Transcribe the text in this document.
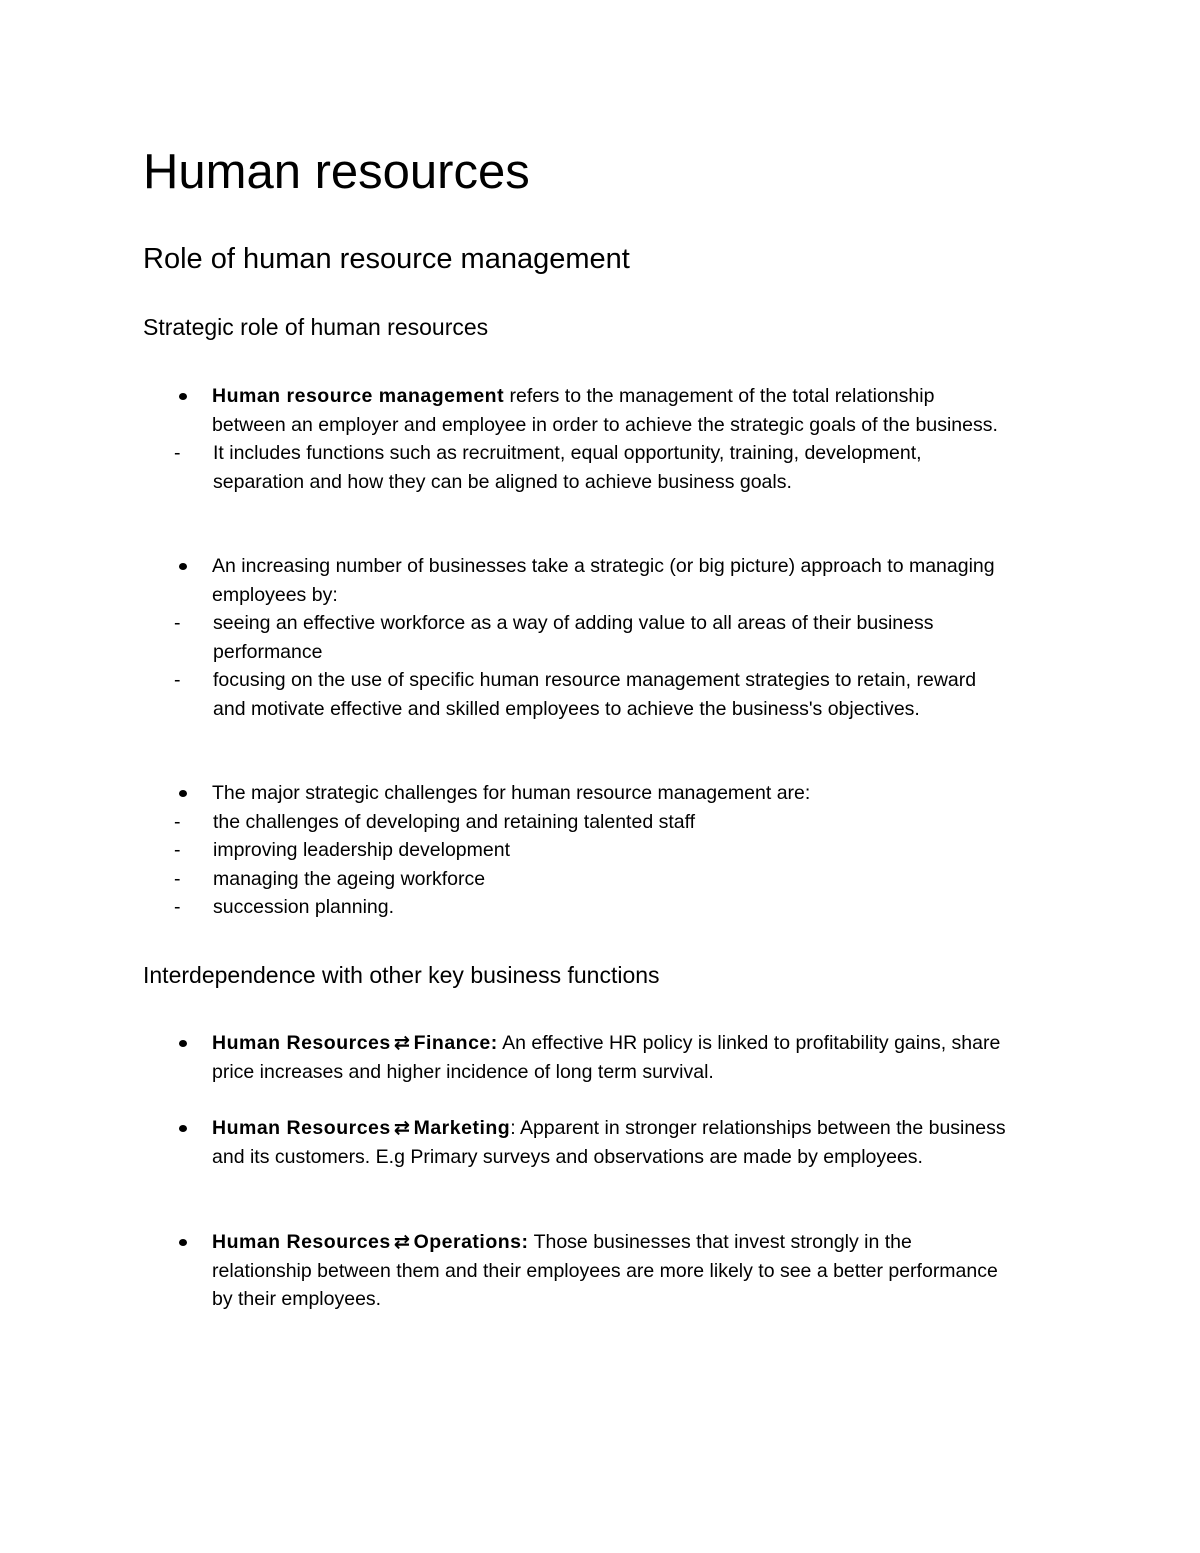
Human resources
Role of human resource management
Strategic role of human resources
Human resource management refers to the management of the total relationship between an employer and employee in order to achieve the strategic goals of the business.
- It includes functions such as recruitment, equal opportunity, training, development, separation and how they can be aligned to achieve business goals.
An increasing number of businesses take a strategic (or big picture) approach to managing employees by:
- seeing an effective workforce as a way of adding value to all areas of their business performance
- focusing on the use of specific human resource management strategies to retain, reward and motivate effective and skilled employees to achieve the business's objectives.
The major strategic challenges for human resource management are:
- the challenges of developing and retaining talented staff
- improving leadership development
- managing the ageing workforce
- succession planning.
Interdependence with other key business functions
Human Resources ⇄ Finance: An effective HR policy is linked to profitability gains, share price increases and higher incidence of long term survival.
Human Resources ⇄ Marketing: Apparent in stronger relationships between the business and its customers. E.g Primary surveys and observations are made by employees.
Human Resources ⇄ Operations: Those businesses that invest strongly in the relationship between them and their employees are more likely to see a better performance by their employees.
